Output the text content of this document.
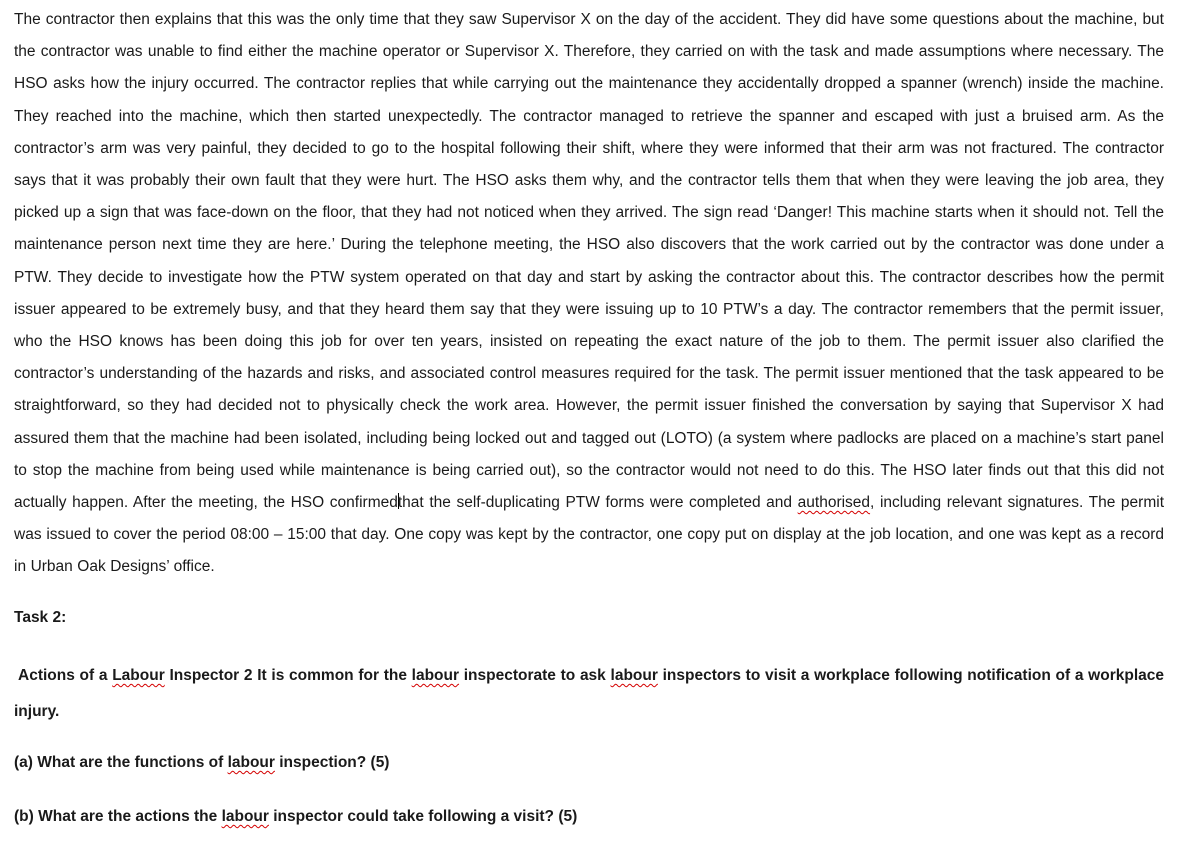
The contractor then explains that this was the only time that they saw Supervisor X on the day of the accident. They did have some questions about the machine, but the contractor was unable to find either the machine operator or Supervisor X. Therefore, they carried on with the task and made assumptions where necessary. The HSO asks how the injury occurred. The contractor replies that while carrying out the maintenance they accidentally dropped a spanner (wrench) inside the machine. They reached into the machine, which then started unexpectedly. The contractor managed to retrieve the spanner and escaped with just a bruised arm. As the contractor’s arm was very painful, they decided to go to the hospital following their shift, where they were informed that their arm was not fractured. The contractor says that it was probably their own fault that they were hurt. The HSO asks them why, and the contractor tells them that when they were leaving the job area, they picked up a sign that was face-down on the floor, that they had not noticed when they arrived. The sign read ‘Danger! This machine starts when it should not. Tell the maintenance person next time they are here.’ During the telephone meeting, the HSO also discovers that the work carried out by the contractor was done under a PTW. They decide to investigate how the PTW system operated on that day and start by asking the contractor about this. The contractor describes how the permit issuer appeared to be extremely busy, and that they heard them say that they were issuing up to 10 PTW’s a day. The contractor remembers that the permit issuer, who the HSO knows has been doing this job for over ten years, insisted on repeating the exact nature of the job to them. The permit issuer also clarified the contractor’s understanding of the hazards and risks, and associated control measures required for the task. The permit issuer mentioned that the task appeared to be straightforward, so they had decided not to physically check the work area. However, the permit issuer finished the conversation by saying that Supervisor X had assured them that the machine had been isolated, including being locked out and tagged out (LOTO) (a system where padlocks are placed on a machine’s start panel to stop the machine from being used while maintenance is being carried out), so the contractor would not need to do this. The HSO later finds out that this did not actually happen. After the meeting, the HSO confirmedthat the self-duplicating PTW forms were completed and authorised, including relevant signatures. The permit was issued to cover the period 08:00 – 15:00 that day. One copy was kept by the contractor, one copy put on display at the job location, and one was kept as a record in Urban Oak Designs’ office.

Task 2:

Actions of a Labour Inspector 2 It is common for the labour inspectorate to ask labour inspectors to visit a workplace following notification of a workplace injury.

(a) What are the functions of labour inspection? (5)

(b) What are the actions the labour inspector could take following a visit? (5)
